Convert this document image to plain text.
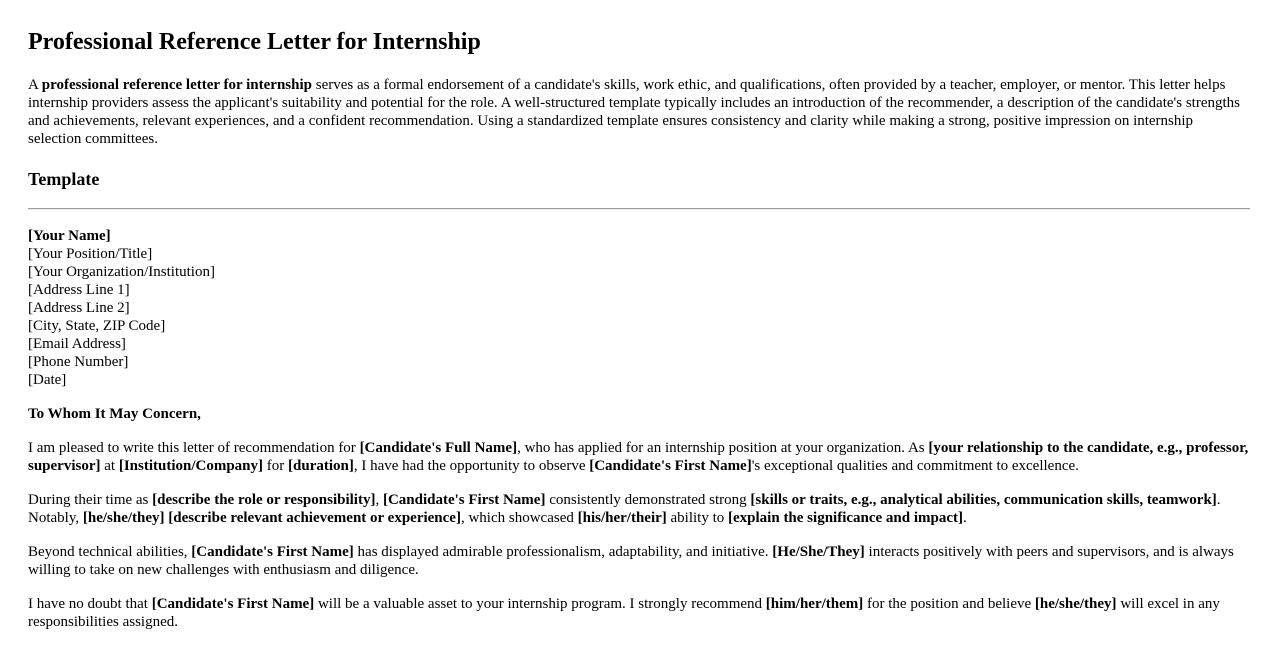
Professional Reference Letter for Internship

A professional reference letter for internship serves as a formal endorsement of a candidate's skills, work ethic, and qualifications, often provided by a teacher, employer, or mentor. This letter helps internship providers assess the applicant's suitability and potential for the role. A well-structured template typically includes an introduction of the recommender, a description of the candidate's strengths and achievements, relevant experiences, and a confident recommendation. Using a standardized template ensures consistency and clarity while making a strong, positive impression on internship selection committees.

Template
[Your Name]
[Your Position/Title]
[Your Organization/Institution]
[Address Line 1]
[Address Line 2]
[City, State, ZIP Code]
[Email Address]
[Phone Number]
[Date]

To Whom It May Concern,

I am pleased to write this letter of recommendation for [Candidate's Full Name], who has applied for an internship position at your organization. As [your relationship to the candidate, e.g., professor, supervisor] at [Institution/Company] for [duration], I have had the opportunity to observe [Candidate's First Name]'s exceptional qualities and commitment to excellence.

During their time as [describe the role or responsibility], [Candidate's First Name] consistently demonstrated strong [skills or traits, e.g., analytical abilities, communication skills, teamwork]. Notably, [he/she/they] [describe relevant achievement or experience], which showcased [his/her/their] ability to [explain the significance and impact].

Beyond technical abilities, [Candidate's First Name] has displayed admirable professionalism, adaptability, and initiative. [He/She/They] interacts positively with peers and supervisors, and is always willing to take on new challenges with enthusiasm and diligence.

I have no doubt that [Candidate's First Name] will be a valuable asset to your internship program. I strongly recommend [him/her/them] for the position and believe [he/she/they] will excel in any responsibilities assigned.
